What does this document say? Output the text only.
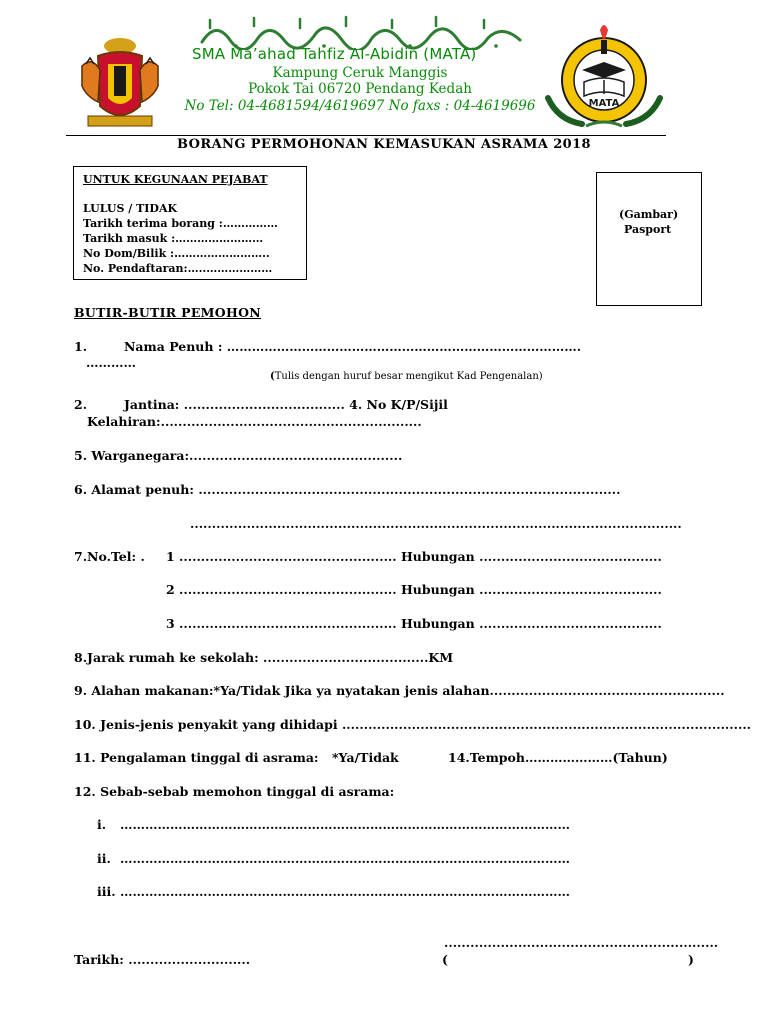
SMA Ma’ahad Tahfiz Al-Abidin (MATA)
Kampung Ceruk Manggis
Pokok Tai 06720 Pendang Kedah
No Tel: 04-4681594/4619697 No faxs : 04-4619696	MATA
BORANG PERMOHONAN KEMASUKAN ASRAMA 2018
UNTUK KEGUNAAN PEJABAT
LULUS / TIDAK
Tarikh terima borang :……………
Tarikh masuk :……………………
No Dom/Bilik :……………………..
No. Pendaftaran:…..………………
(Gambar)
Pasport
BUTIR-BUTIR PEMOHON
1.	Nama Penuh : ………………………………………………………………………….
…………
(Tulis dengan huruf besar mengikut Kad Pengenalan)
2.	Jantina: ..................................... 4. No K/P/Sijil
Kelahiran:............................................................
5. Warganegara:.................................................
6. Alamat penuh: .................................................................................................
.................................................................................................................
7.No.Tel: . 1 .................................................. Hubungan ..........................................
2 .................................................. Hubungan ..........................................
3 .................................................. Hubungan ..........................................
8.Jarak rumah ke sekolah: ......................................KM
9. Alahan makanan:*Ya/Tidak Jika ya nyatakan jenis alahan......................................................
10. Jenis-jenis penyakit yang dihidapi ..............................................................................................
11. Pengalaman tinggal di asrama: *Ya/Tidak	14.Tempoh…………………(Tahun)
12. Sebab-sebab memohon tinggal di asrama:
i. ………………………………………………………………………………………………
ii. ………………………………………………………………………………………………
iii. ………………………………………………………………………………………………
...............................................................
Tarikh: ............................	(	)
